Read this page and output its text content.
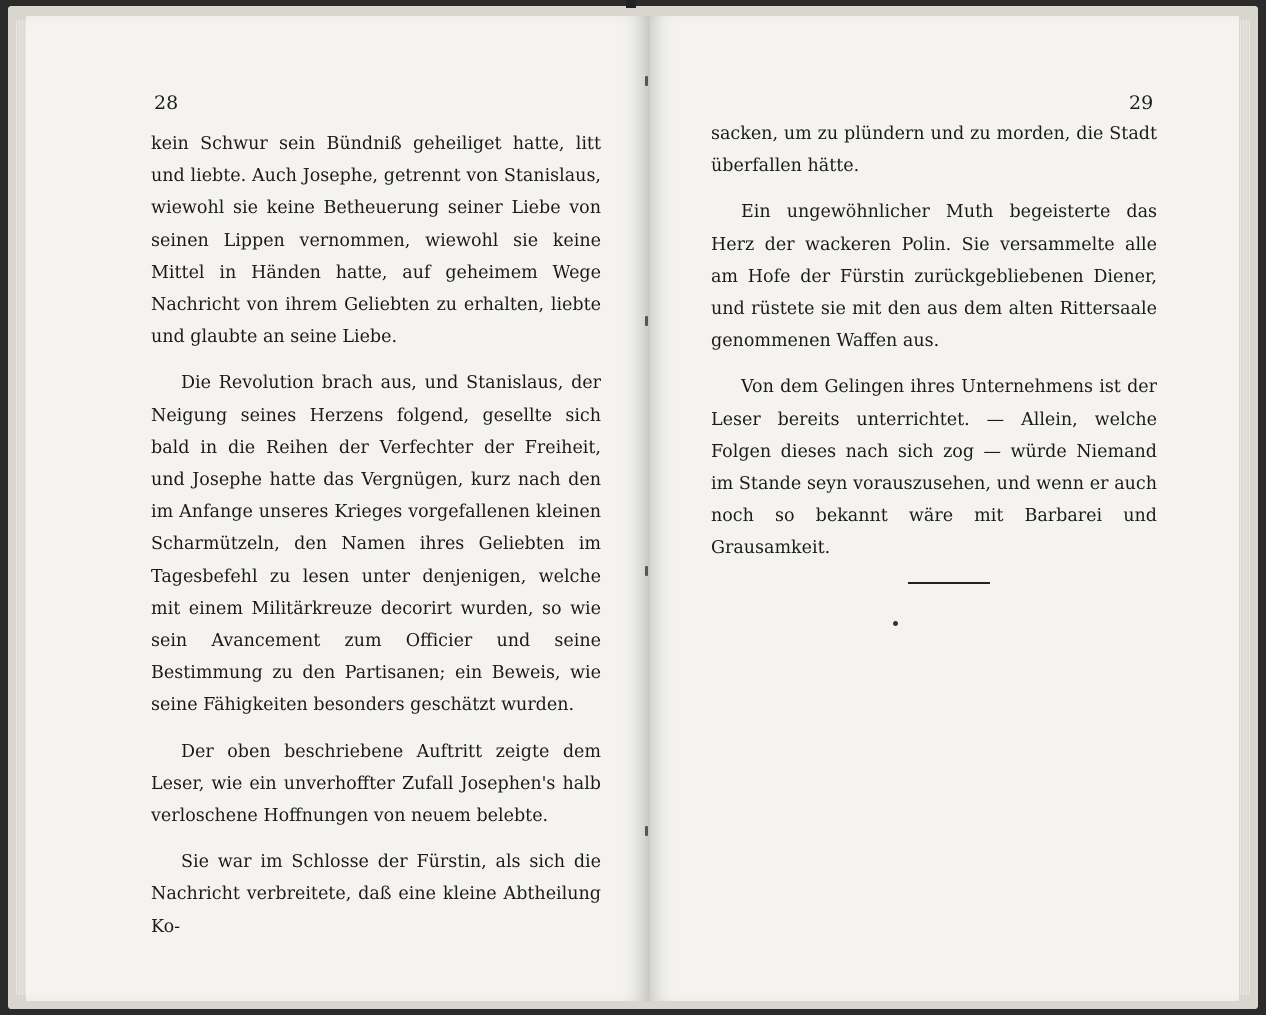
28

kein Schwur sein Bündniß geheiliget hatte, litt und liebte. Auch Josephe, getrennt von Stanislaus, wiewohl sie keine Betheuerung seiner Liebe von seinen Lippen vernommen, wiewohl sie keine Mittel in Händen hatte, auf geheimem Wege Nachricht von ihrem Geliebten zu erhalten, liebte und glaubte an seine Liebe.

Die Revolution brach aus, und Stanislaus, der Neigung seines Herzens folgend, gesellte sich bald in die Reihen der Verfechter der Freiheit, und Josephe hatte das Vergnügen, kurz nach den im Anfange unseres Krieges vorgefallenen kleinen Scharmützeln, den Namen ihres Geliebten im Tagesbefehl zu lesen unter denjenigen, welche mit einem Militärkreuze decorirt wurden, so wie sein Avancement zum Officier und seine Bestimmung zu den Partisanen; ein Beweis, wie seine Fähigkeiten besonders geschätzt wurden.

Der oben beschriebene Auftritt zeigte dem Leser, wie ein unverhoffter Zufall Josephen's halb verloschene Hoffnungen von neuem belebte.

Sie war im Schlosse der Fürstin, als sich die Nachricht verbreitete, daß eine kleine Abtheilung Ko-

29

sacken, um zu plündern und zu morden, die Stadt überfallen hätte.

Ein ungewöhnlicher Muth begeisterte das Herz der wackeren Polin. Sie versammelte alle am Hofe der Fürstin zurückgebliebenen Diener, und rüstete sie mit den aus dem alten Rittersaale genommenen Waffen aus.

Von dem Gelingen ihres Unternehmens ist der Leser bereits unterrichtet. — Allein, welche Folgen dieses nach sich zog — würde Niemand im Stande seyn vorauszusehen, und wenn er auch noch so bekannt wäre mit Barbarei und Grausamkeit.
